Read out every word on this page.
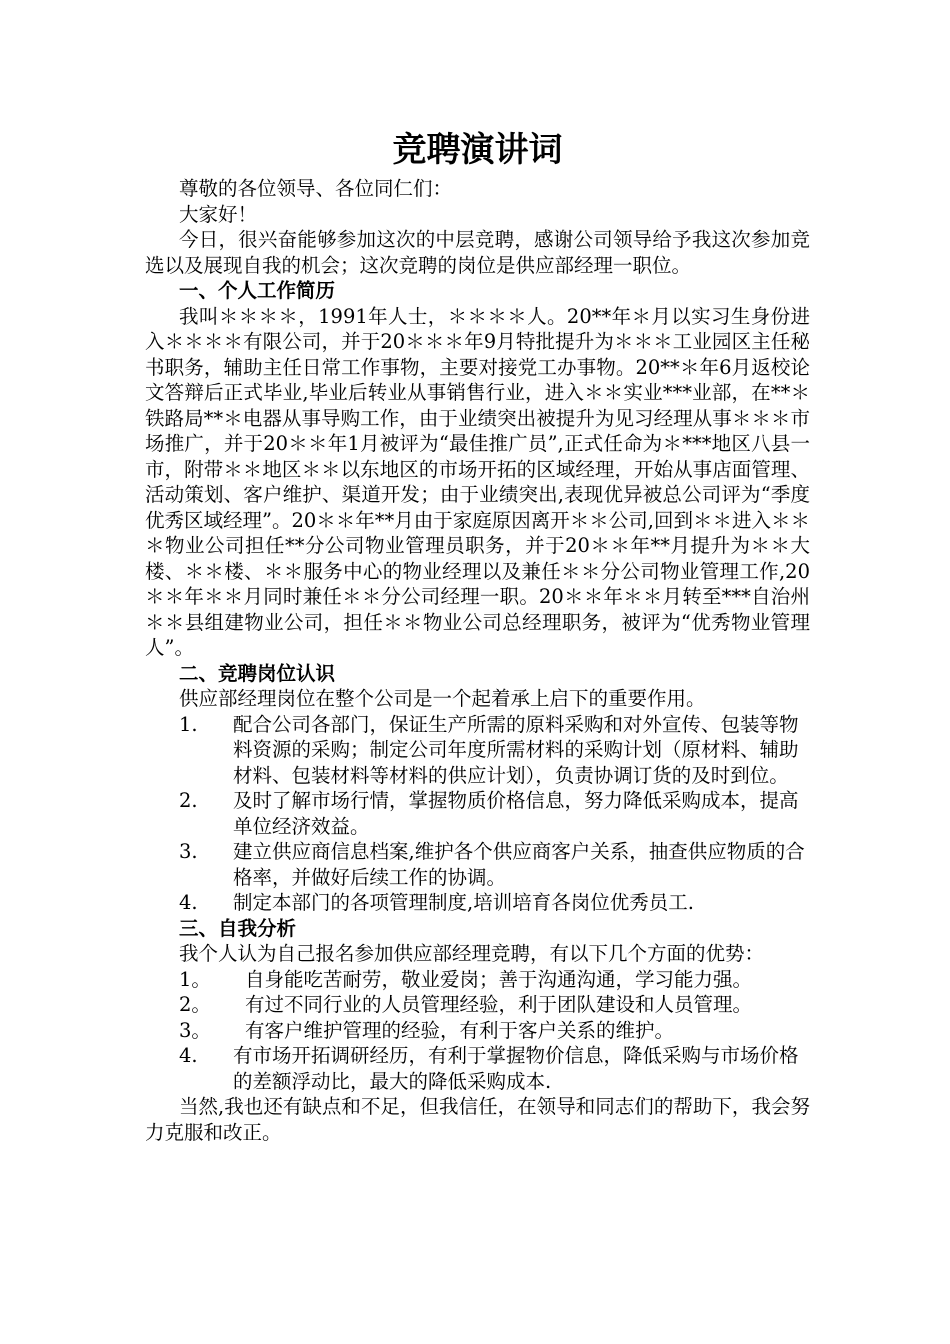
竞聘演讲词

尊敬的各位领导、各位同仁们：

大家好！

今日，很兴奋能够参加这次的中层竞聘，感谢公司领导给予我这次参加竞选以及展现自我的机会；这次竞聘的岗位是供应部经理一职位。

一、个人工作简历

我叫＊＊＊＊，1991年人士，＊＊＊＊人。20**年＊月以实习生身份进入＊＊＊＊有限公司，并于20＊＊＊年9月特批提升为＊＊＊工业园区主任秘书职务，辅助主任日常工作事物，主要对接党工办事物。20**＊年6月返校论文答辩后正式毕业,毕业后转业从事销售行业，进入＊＊实业***业部，在**＊铁路局**＊电器从事导购工作，由于业绩突出被提升为见习经理从事＊＊＊市场推广，并于20＊＊年1月被评为“最佳推广员”,正式任命为＊***地区八县一市，附带＊＊地区＊＊以东地区的市场开拓的区域经理，开始从事店面管理、活动策划、客户维护、渠道开发；由于业绩突出,表现优异被总公司评为“季度优秀区域经理”。20＊＊年**月由于家庭原因离开＊＊公司,回到＊＊进入＊＊＊物业公司担任**分公司物业管理员职务，并于20＊＊年**月提升为＊＊大楼、＊＊楼、＊＊服务中心的物业经理以及兼任＊＊分公司物业管理工作,20＊＊年＊＊月同时兼任＊＊分公司经理一职。20＊＊年＊＊月转至***自治州＊＊县组建物业公司，担任＊＊物业公司总经理职务，被评为“优秀物业管理人”。

二、竞聘岗位认识

供应部经理岗位在整个公司是一个起着承上启下的重要作用。

1.	配合公司各部门，保证生产所需的原料采购和对外宣传、包装等物料资源的采购；制定公司年度所需材料的采购计划（原材料、辅助材料、包装材料等材料的供应计划），负责协调订货的及时到位。
2.	及时了解市场行情，掌握物质价格信息，努力降低采购成本，提高单位经济效益。
3.	建立供应商信息档案,维护各个供应商客户关系，抽查供应物质的合格率，并做好后续工作的协调。
4.	制定本部门的各项管理制度,培训培育各岗位优秀员工.
三、自我分析

我个人认为自己报名参加供应部经理竞聘，有以下几个方面的优势：

1。	自身能吃苦耐劳，敬业爱岗；善于沟通沟通，学习能力强。
2。	有过不同行业的人员管理经验，利于团队建设和人员管理。
3。	有客户维护管理的经验，有利于客户关系的维护。
4.	有市场开拓调研经历，有利于掌握物价信息，降低采购与市场价格的差额浮动比，最大的降低采购成本.

当然,我也还有缺点和不足，但我信任，在领导和同志们的帮助下，我会努力克服和改正。
